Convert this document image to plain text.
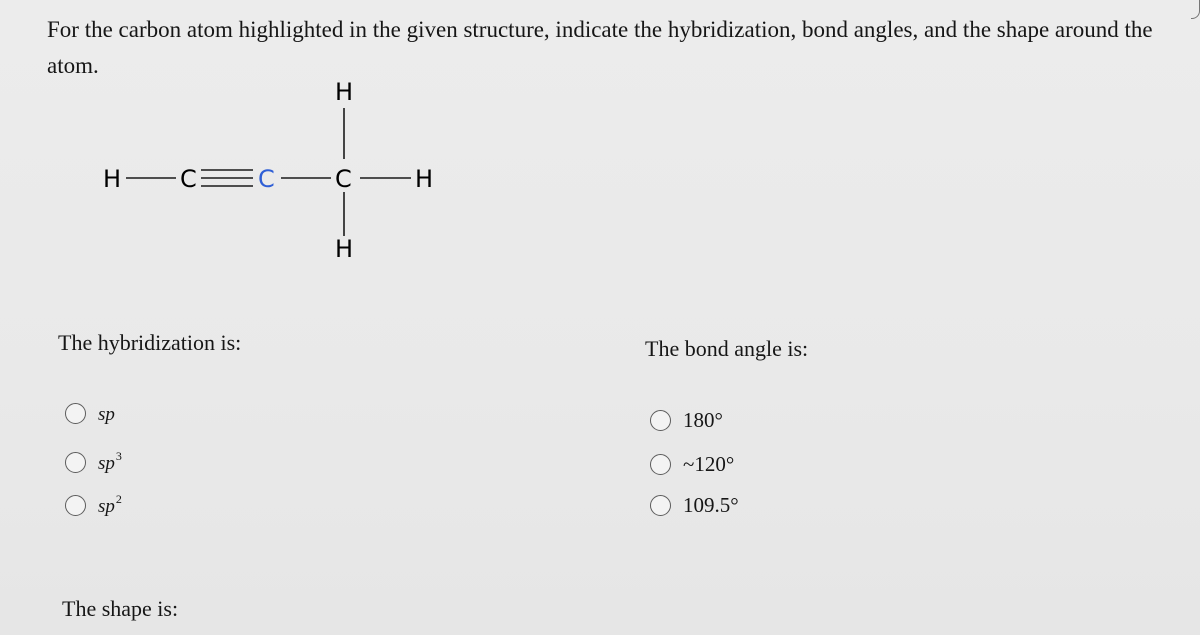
For the carbon atom highlighted in the given structure, indicate the hybridization, bond angles, and the shape around the atom.
H C	C	C	H
H
H
The hybridization is:
sp
$sp^3$
$sp^2$
The bond angle is:
180°
~120°
109.5°
The shape is:
